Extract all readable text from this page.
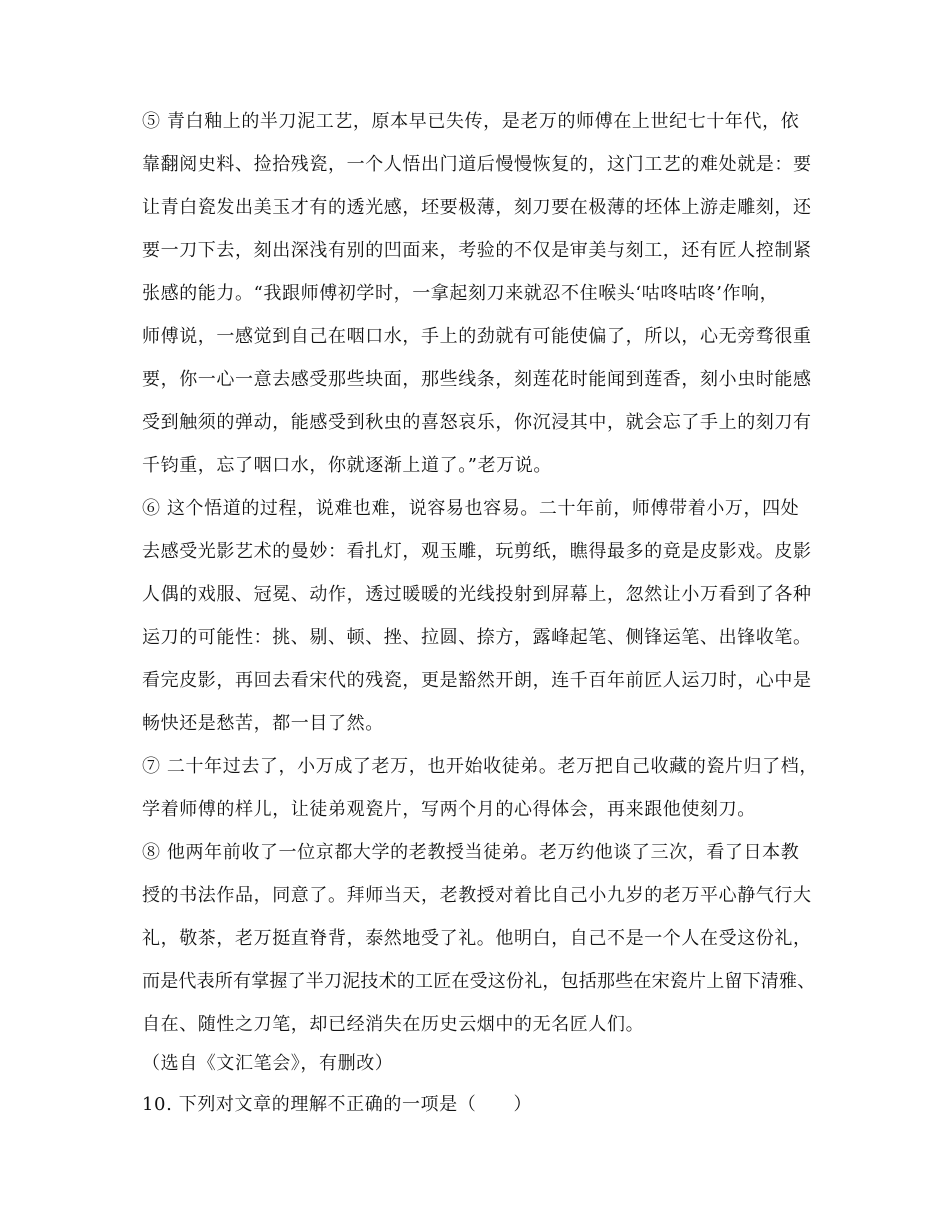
⑤ 青白釉上的半刀泥工艺，原本早已失传，是老万的师傅在上世纪七十年代，依
靠翻阅史料、捡拾残瓷，一个人悟出门道后慢慢恢复的，这门工艺的难处就是：要
让青白瓷发出美玉才有的透光感，坯要极薄，刻刀要在极薄的坯体上游走雕刻，还
要一刀下去，刻出深浅有别的凹面来，考验的不仅是审美与刻工，还有匠人控制紧
张感的能力。“我跟师傅初学时，一拿起刻刀来就忍不住喉头‘咕咚咕咚’作响，
师傅说，一感觉到自己在咽口水，手上的劲就有可能使偏了，所以，心无旁骛很重
要，你一心一意去感受那些块面，那些线条，刻莲花时能闻到莲香，刻小虫时能感
受到触须的弹动，能感受到秋虫的喜怒哀乐，你沉浸其中，就会忘了手上的刻刀有
千钧重，忘了咽口水，你就逐渐上道了。”老万说。
⑥ 这个悟道的过程，说难也难，说容易也容易。二十年前，师傅带着小万，四处
去感受光影艺术的曼妙：看扎灯，观玉雕，玩剪纸，瞧得最多的竟是皮影戏。皮影
人偶的戏服、冠冕、动作，透过暖暖的光线投射到屏幕上，忽然让小万看到了各种
运刀的可能性：挑、剔、顿、挫、拉圆、捺方，露峰起笔、侧锋运笔、出锋收笔。
看完皮影，再回去看宋代的残瓷，更是豁然开朗，连千百年前匠人运刀时，心中是
畅快还是愁苦，都一目了然。
⑦ 二十年过去了，小万成了老万，也开始收徒弟。老万把自己收藏的瓷片归了档，
学着师傅的样儿，让徒弟观瓷片，写两个月的心得体会，再来跟他使刻刀。
⑧ 他两年前收了一位京都大学的老教授当徒弟。老万约他谈了三次，看了日本教
授的书法作品，同意了。拜师当天，老教授对着比自己小九岁的老万平心静气行大
礼，敬茶，老万挺直脊背，泰然地受了礼。他明白，自己不是一个人在受这份礼，
而是代表所有掌握了半刀泥技术的工匠在受这份礼，包括那些在宋瓷片上留下清雅、
自在、随性之刀笔，却已经消失在历史云烟中的无名匠人们。
（选自《文汇笔会》，有删改）
10. 下列对文章的理解不正确的一项是（　　）
